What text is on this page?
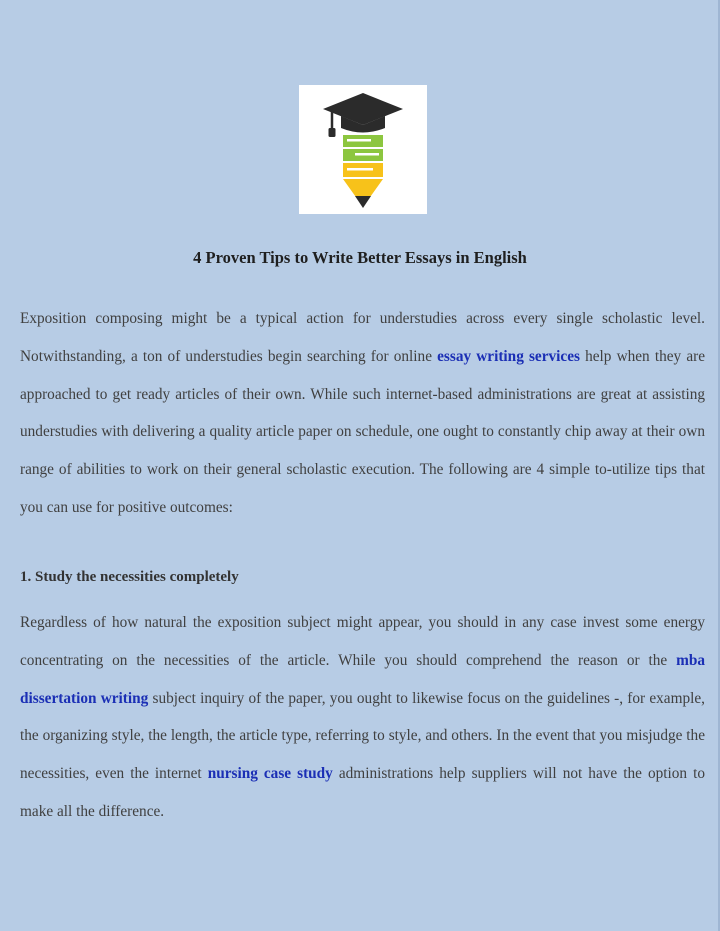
4 Proven Tips to Write Better Essays in English

Exposition composing might be a typical action for understudies across every single scholastic level. Notwithstanding, a ton of understudies begin searching for online essay writing services help when they are approached to get ready articles of their own. While such internet-based administrations are great at assisting understudies with delivering a quality article paper on schedule, one ought to constantly chip away at their own range of abilities to work on their general scholastic execution. The following are 4 simple to-utilize tips that you can use for positive outcomes:

1. Study the necessities completely

Regardless of how natural the exposition subject might appear, you should in any case invest some energy concentrating on the necessities of the article. While you should comprehend the reason or the mba dissertation writing subject inquiry of the paper, you ought to likewise focus on the guidelines -, for example, the organizing style, the length, the article type, referring to style, and others. In the event that you misjudge the necessities, even the internet nursing case study administrations help suppliers will not have the option to make all the difference.
